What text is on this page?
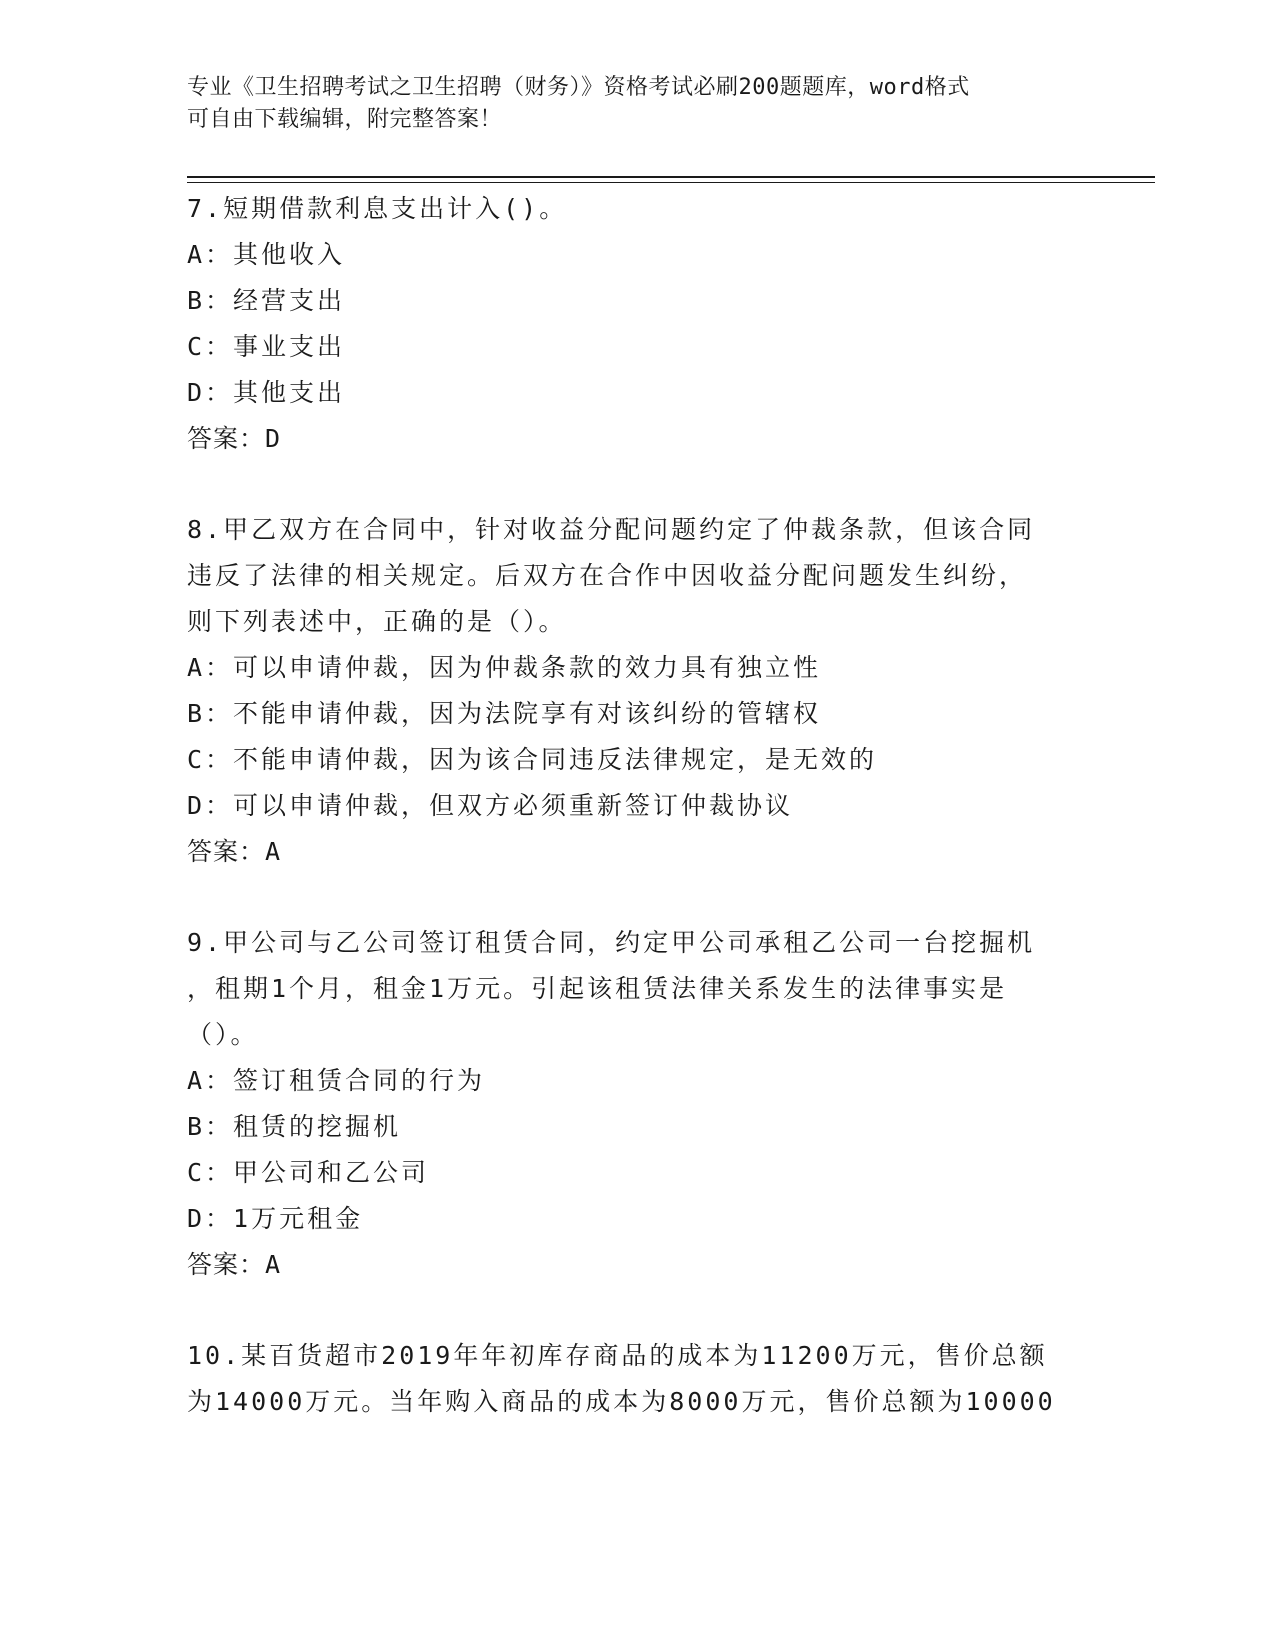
专业《卫生招聘考试之卫生招聘（财务）》资格考试必刷200题题库，word格式
可自由下载编辑，附完整答案！
7.短期借款利息支出计入()。
A：其他收入
B：经营支出
C：事业支出
D：其他支出
答案：D
8.甲乙双方在合同中，针对收益分配问题约定了仲裁条款，但该合同
违反了法律的相关规定。后双方在合作中因收益分配问题发生纠纷，
则下列表述中，正确的是（）。
A：可以申请仲裁，因为仲裁条款的效力具有独立性
B：不能申请仲裁，因为法院享有对该纠纷的管辖权
C：不能申请仲裁，因为该合同违反法律规定，是无效的
D：可以申请仲裁，但双方必须重新签订仲裁协议
答案：A
9.甲公司与乙公司签订租赁合同，约定甲公司承租乙公司一台挖掘机
，租期1个月，租金1万元。引起该租赁法律关系发生的法律事实是
（）。
A：签订租赁合同的行为
B：租赁的挖掘机
C：甲公司和乙公司
D：1万元租金
答案：A
10.某百货超市2019年年初库存商品的成本为11200万元，售价总额
为14000万元。当年购入商品的成本为8000万元，售价总额为10000
